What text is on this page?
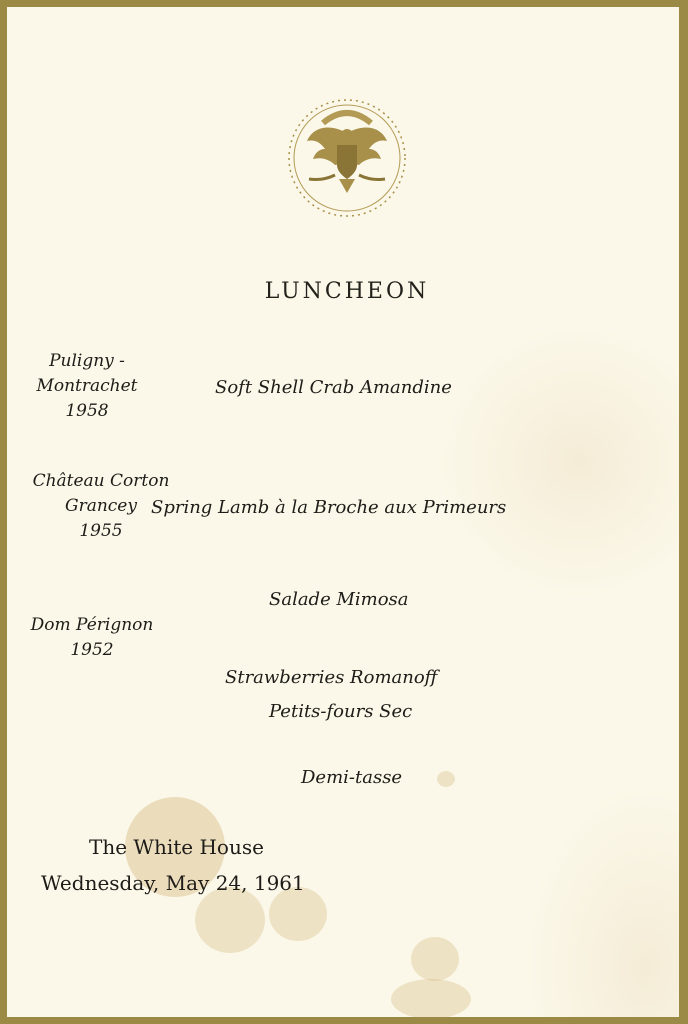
LUNCHEON
Puligny -
Montrachet
1958
Soft Shell Crab Amandine
Château Corton
Grancey
1955
Spring Lamb à la Broche aux Primeurs
Salade Mimosa
Dom Pérignon
1952
Strawberries Romanoff
Petits-fours Sec
Demi-tasse
The White House
Wednesday, May 24, 1961
